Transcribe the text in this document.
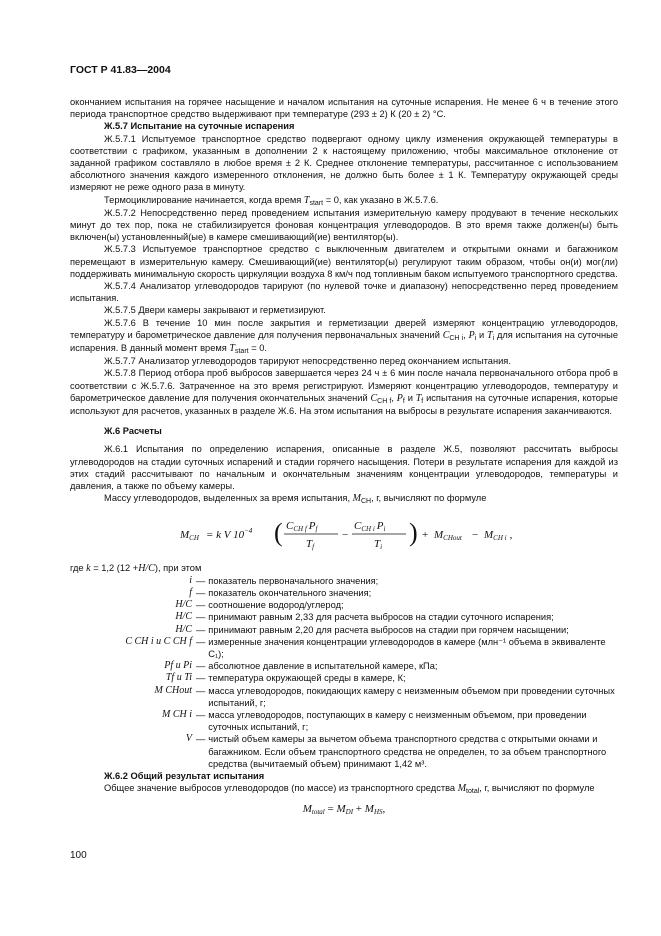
ГОСТ Р 41.83—2004

окончанием испытания на горячее насыщение и началом испытания на суточные испарения. Не менее 6 ч в течение этого периода транспортное средство выдерживают при температуре (293 ± 2) К (20 ± 2) °С.

Ж.5.7 Испытание на суточные испарения

Ж.5.7.1 Испытуемое транспортное средство подвергают одному циклу изменения окружающей температуры в соответствии с графиком, указанным в дополнении 2 к настоящему приложению, чтобы максимальное отклонение от заданной графиком составляло в любое время ± 2 К. Среднее отклонение температуры, рассчитанное с использованием абсолютного значения каждого измеренного отклонения, не должно быть более ± 1 К. Температуру окружающей среды измеряют не реже одного раза в минуту.

Термоциклирование начинается, когда время $T_{start} = 0$, как указано в Ж.5.7.6.

Ж.5.7.2 Непосредственно перед проведением испытания измерительную камеру продувают в течение нескольких минут до тех пор, пока не стабилизируется фоновая концентрация углеводородов. В это время также должен(ы) быть включен(ы) установленный(ые) в камере смешивающий(ие) вентилятор(ы).

Ж.5.7.3 Испытуемое транспортное средство с выключенным двигателем и открытыми окнами и багажником перемещают в измерительную камеру. Смешивающий(ие) вентилятор(ы) регулируют таким образом, чтобы он(и) мог(ли) поддерживать минимальную скорость циркуляции воздуха 8 км/ч под топливным баком испытуемого транспортного средства.

Ж.5.7.4 Анализатор углеводородов тарируют (по нулевой точке и диапазону) непосредственно перед проведением испытания.

Ж.5.7.5 Двери камеры закрывают и герметизируют.

Ж.5.7.6 В течение 10 мин после закрытия и герметизации дверей измеряют концентрацию углеводородов, температуру и барометрическое давление для получения первоначальных значений $C_{CH i}$, $P_i$ и $T_i$ для испытания на суточные испарения. В данный момент время $T_{start} = 0$.

Ж.5.7.7 Анализатор углеводородов тарируют непосредственно перед окончанием испытания.

Ж.5.7.8 Период отбора проб выбросов завершается через 24 ч ± 6 мин после начала первоначального отбора проб в соответствии с Ж.5.7.6. Затраченное на это время регистрируют. Измеряют концентрацию углеводородов, температуру и барометрическое давление для получения окончательных значений $C_{CH f}$, $P_f$ и $T_f$ испытания на суточные испарения, которые используют для расчетов, указанных в разделе Ж.6. На этом испытания на выбросы в результате испарения заканчиваются.

Ж.6 Расчеты

Ж.6.1 Испытания по определению испарения, описанные в разделе Ж.5, позволяют рассчитать выбросы углеводородов на стадии суточных испарений и стадии горячего насыщения. Потери в результате испарения для каждой из этих стадий рассчитывают по начальным и окончательным значениям концентрации углеводородов, температуры и давления, а также по объему камеры.

Массу углеводородов, выделенных за время испытания, $M_{CH}$, г, вычисляют по формуле

MCH = k V $10^{-4}$ ( CCH f Pf
Tf
−
CCH i Pi
Ti ) + MCHout − MCH i ,

где k = 1,2 (12 +H/C), при этом

i — показатель первоначального значения;
f — показатель окончательного значения;
H/C — соотношение водород/углерод;
H/C — принимают равным 2,33 для расчета выбросов на стадии суточного испарения;
H/C — принимают равным 2,20 для расчета выбросов на стадии при горячем насыщении;
C CH i и C CH f — измеренные значения концентрации углеводородов в камере (млн⁻¹ объема в эквиваленте C₁);
Pf и Pi — абсолютное давление в испытательной камере, кПа;
Tf и Ti — температура окружающей среды в камере, К;
M CHout — масса углеводородов, покидающих камеру с неизменным объемом при проведении суточных испытаний, г;
M CH i — масса углеводородов, поступающих в камеру с неизменным объемом, при проведении суточных испытаний, г;
V — чистый объем камеры за вычетом объема транспортного средства с открытыми окнами и багажником. Если объем транспортного средства не определен, то за объем транспортного средства (вычитаемый объем) принимают 1,42 м³.

Ж.6.2 Общий результат испытания

Общее значение выбросов углеводородов (по массе) из транспортного средства $M_{total}$, г, вычисляют по формуле

$M_{total} = M_{DI} + M_{HS}$,
100
